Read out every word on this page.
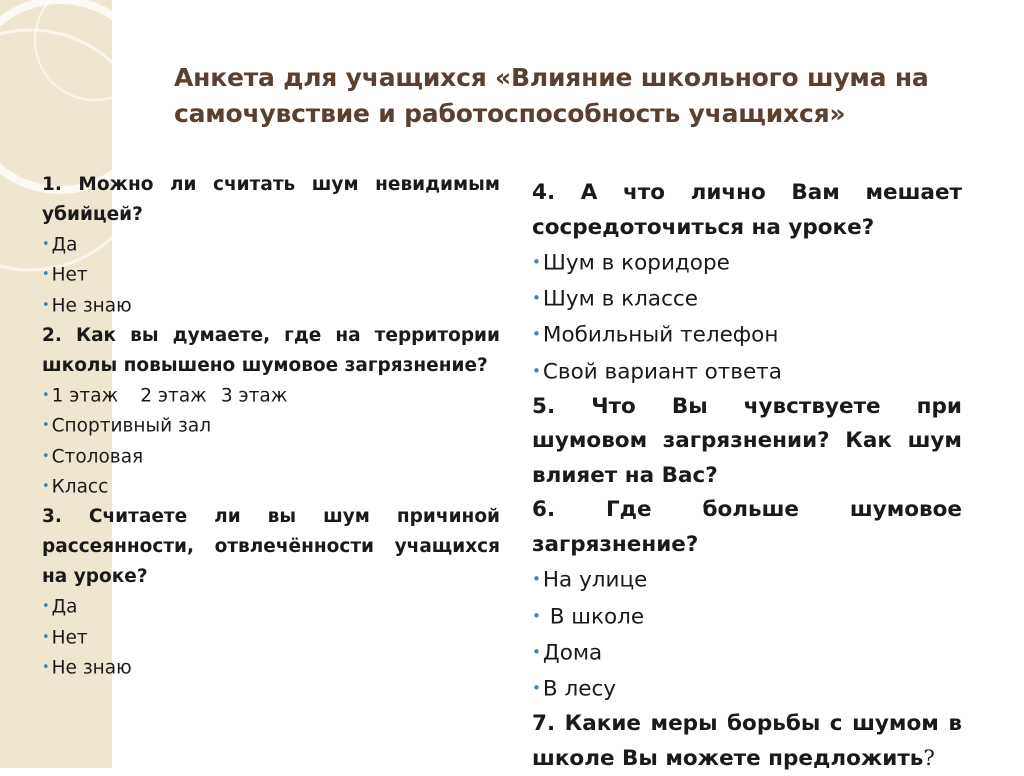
Анкета для учащихся «Влияние школьного шума на самочувствие и работоспособность учащихся»
1. Можно ли считать шум невидимым убийцей?
• Да
• Нет
• Не знаю
2. Как вы думаете, где на территории школы повышено шумовое загрязнение?
• 1 этаж 2 этаж 3 этаж
• Спортивный зал
• Столовая
• Класс
3. Считаете ли вы шум причиной рассеянности, отвлечённости учащихся на уроке?
• Да
• Нет
• Не знаю
4. А что лично Вам мешает сосредоточиться на уроке?
•Шум в коридоре
•Шум в классе
•Мобильный телефон
•Свой вариант ответа
5. Что Вы чувствуете при шумовом загрязнении? Как шум влияет на Вас?
6. Где больше шумовое загрязнение?
•На улице
• В школе
•Дома
•В лесу
7. Какие меры борьбы с шумом в школе Вы можете предложить?
